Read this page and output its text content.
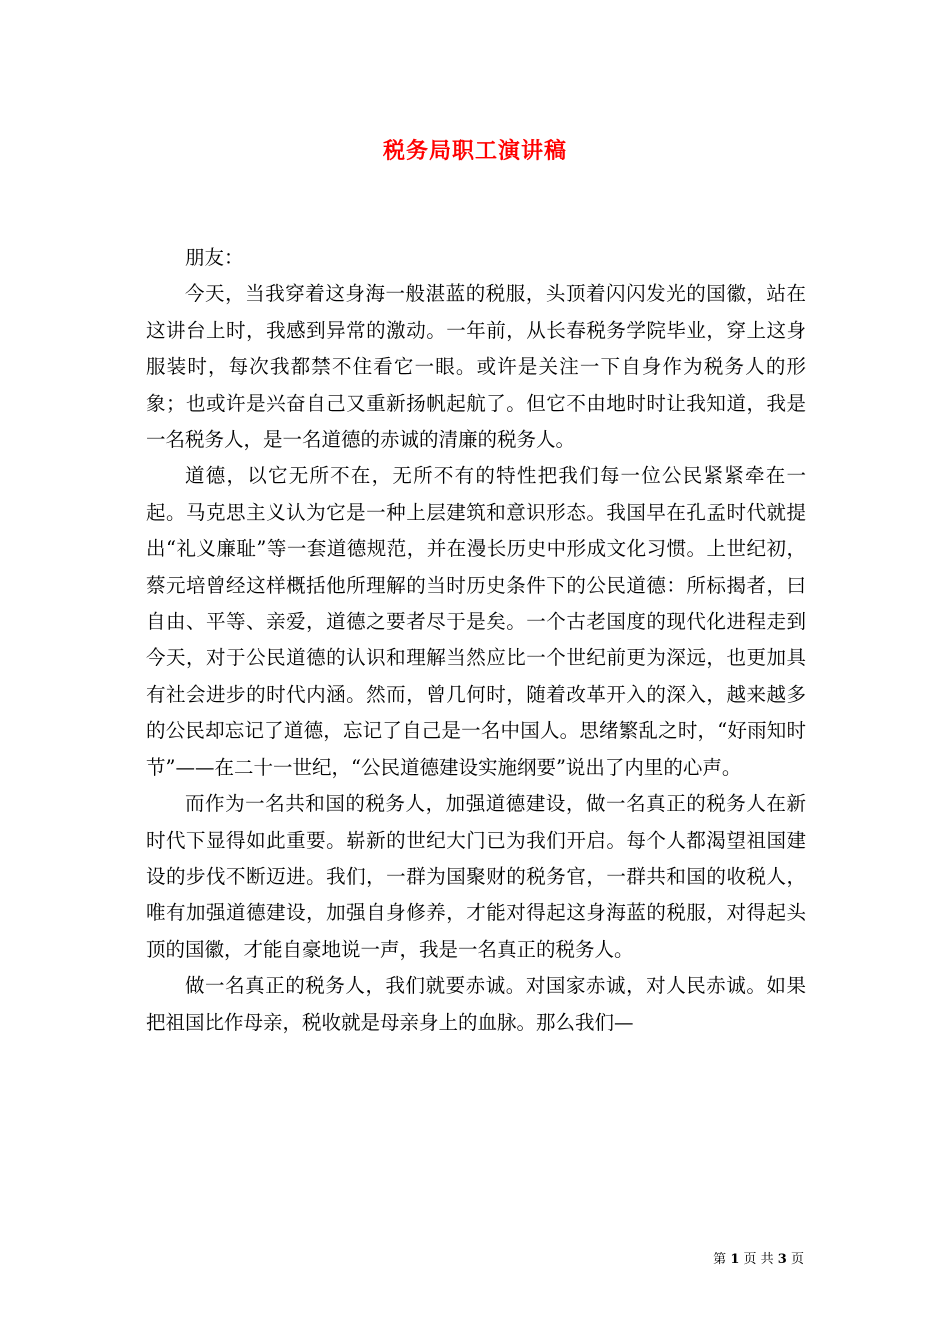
税务局职工演讲稿

朋友：

今天，当我穿着这身海一般湛蓝的税服，头顶着闪闪发光的国徽，站在这讲台上时，我感到异常的激动。一年前，从长春税务学院毕业，穿上这身服装时，每次我都禁不住看它一眼。或许是关注一下自身作为税务人的形象；也或许是兴奋自己又重新扬帆起航了。但它不由地时时让我知道，我是一名税务人，是一名道德的赤诚的清廉的税务人。

道德，以它无所不在，无所不有的特性把我们每一位公民紧紧牵在一起。马克思主义认为它是一种上层建筑和意识形态。我国早在孔孟时代就提出“礼义廉耻”等一套道德规范，并在漫长历史中形成文化习惯。上世纪初，蔡元培曾经这样概括他所理解的当时历史条件下的公民道德：所标揭者，曰自由、平等、亲爱，道德之要者尽于是矣。一个古老国度的现代化进程走到今天，对于公民道德的认识和理解当然应比一个世纪前更为深远，也更加具有社会进步的时代内涵。然而，曾几何时，随着改革开入的深入，越来越多的公民却忘记了道德，忘记了自己是一名中国人。思绪繁乱之时，“好雨知时节”——在二十一世纪，“公民道德建设实施纲要”说出了内里的心声。

而作为一名共和国的税务人，加强道德建设，做一名真正的税务人在新时代下显得如此重要。崭新的世纪大门已为我们开启。每个人都渴望祖国建设的步伐不断迈进。我们，一群为国聚财的税务官，一群共和国的收税人，唯有加强道德建设，加强自身修养，才能对得起这身海蓝的税服，对得起头顶的国徽，才能自豪地说一声，我是一名真正的税务人。

做一名真正的税务人，我们就要赤诚。对国家赤诚，对人民赤诚。如果把祖国比作母亲，税收就是母亲身上的血脉。那么我们—

第 1 页 共 3 页
